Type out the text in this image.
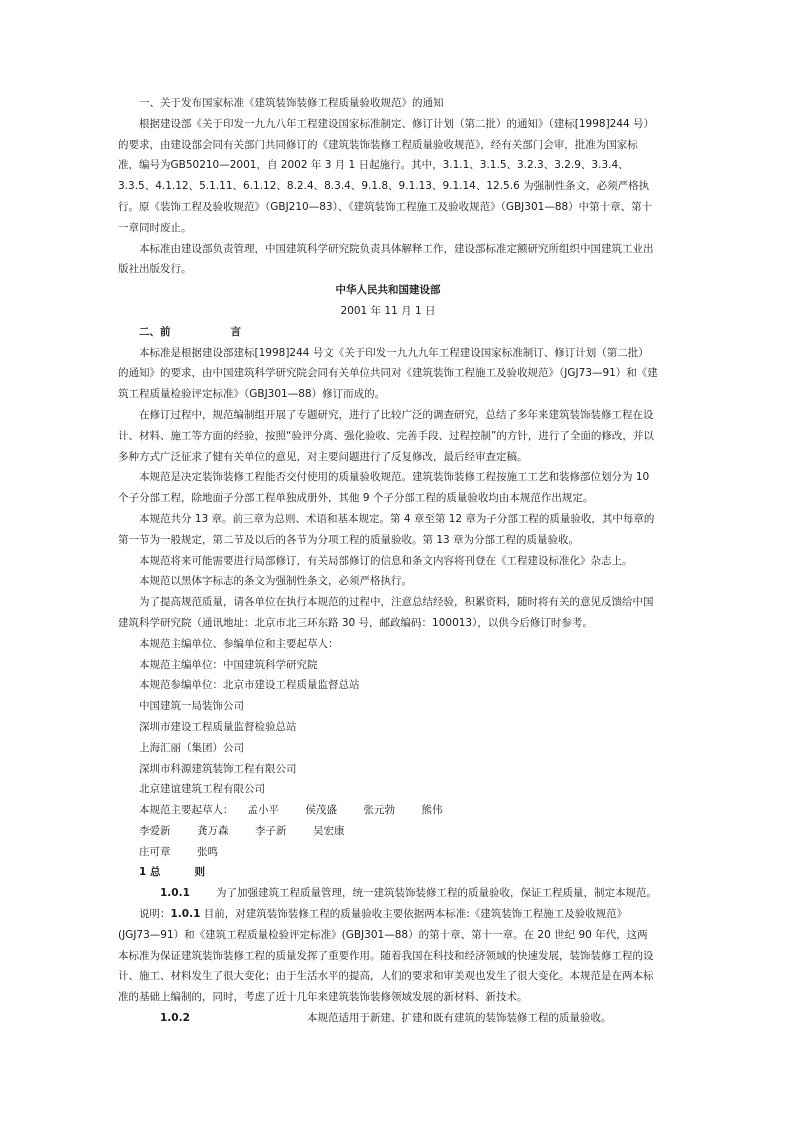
一、关于发布国家标准《建筑装饰装修工程质量验收规范》的通知

根据建设部《关于印发一九九八年工程建设国家标准制定、修订计划（第二批）的通知》（建标[1998]244 号）的要求，由建设部会同有关部门共同修订的《建筑装饰装修工程质量验收规范》，经有关部门会审，批准为国家标准，编号为GB50210—2001，自 2002 年 3 月 1 日起施行。其中，3.1.1、3.1.5、3.2.3、3.2.9、3.3.4、3.3.5、4.1.12、5.1.11、6.1.12、8.2.4、8.3.4、9.1.8、9.1.13、9.1.14、12.5.6 为强制性条文，必须严格执行。原《装饰工程及验收规范》（GBJ210—83）、《建筑装饰工程施工及验收规范》（GBJ301—88）中第十章、第十一章同时废止。

本标准由建设部负责管理，中国建筑科学研究院负责具体解释工作，建设部标准定额研究所组织中国建筑工业出版社出版发行。

中华人民共和国建设部

2001 年 11 月 1 日

二、前	言

本标准是根据建设部建标[1998]244 号文《关于印发一九九九年工程建设国家标准制订、修订计划（第二批）的通知》的要求，由中国建筑科学研究院会同有关单位共同对《建筑装饰工程施工及验收规范》（JGJ73—91）和《建筑工程质量检验评定标准》（GBJ301—88）修订而成的。

在修订过程中，规范编制组开展了专题研究，进行了比较广泛的调查研究，总结了多年来建筑装饰装修工程在设计、材料、施工等方面的经验，按照“验评分离、强化验收、完善手段、过程控制”的方针，进行了全面的修改，并以多种方式广泛征求了健有关单位的意见，对主要问题进行了反复修改，最后经审查定稿。

本规范是决定装饰装修工程能否交付使用的质量验收规范。建筑装饰装修工程按施工工艺和装修部位划分为 10 个子分部工程，除地面子分部工程单独成册外，其他 9 个子分部工程的质量验收均由本规范作出规定。

本规范共分 13 章。前三章为总则、术语和基本规定。第 4 章至第 12 章为子分部工程的质量验收，其中每章的第一节为一般规定，第二节及以后的各节为分项工程的质量验收。第 13 章为分部工程的质量验收。

本规范将来可能需要进行局部修订，有关局部修订的信息和条文内容将刊登在《工程建设标准化》杂志上。

本规范以黑体字标志的条文为强制性条文，必须严格执行。

为了提高规范质量，请各单位在执行本规范的过程中，注意总结经验，积累资料，随时将有关的意见反馈给中国建筑科学研究院（通讯地址：北京市北三环东路 30 号，邮政编码：100013），以供今后修订时参考。

本规范主编单位、参编单位和主要起草人：

本规范主编单位：中国建筑科学研究院

本规范参编单位：北京市建设工程质量监督总站

中国建筑一局装饰公司

深圳市建设工程质量监督检验总站

上海汇丽（集团）公司

深圳市科源建筑装饰工程有限公司

北京建谊建筑工程有限公司

本规范主要起草人： 孟小平	侯茂盛	张元勃	熊伟

李爱新	龚万森	李子新	吴宏康

庄可章	张鸣

1 总	则

1.0.1 为了加强建筑工程质量管理，统一建筑装饰装修工程的质量验收，保证工程质量，制定本规范。

说明：1.0.1 目前，对建筑装饰装修工程的质量验收主要依据两本标准:《建筑装饰工程施工及验收规范》(JGJ73—91）和《建筑工程质量检验评定标准》(GBJ301—88）的第十章、第十一章。在 20 世纪 90 年代，这两本标准为保证建筑装饰装修工程的质量发挥了重要作用。随着我国在科技和经济领域的快速发展，装饰装修工程的设计、施工、材料发生了很大变化；由于生活水平的提高，人们的要求和审美观也发生了很大变化。本规范是在两本标准的基础上编制的，同时，考虑了近十几年来建筑装饰装修领域发展的新材料、新技术。

1.0.2	本规范适用于新建、扩建和既有建筑的装饰装修工程的质量验收。
